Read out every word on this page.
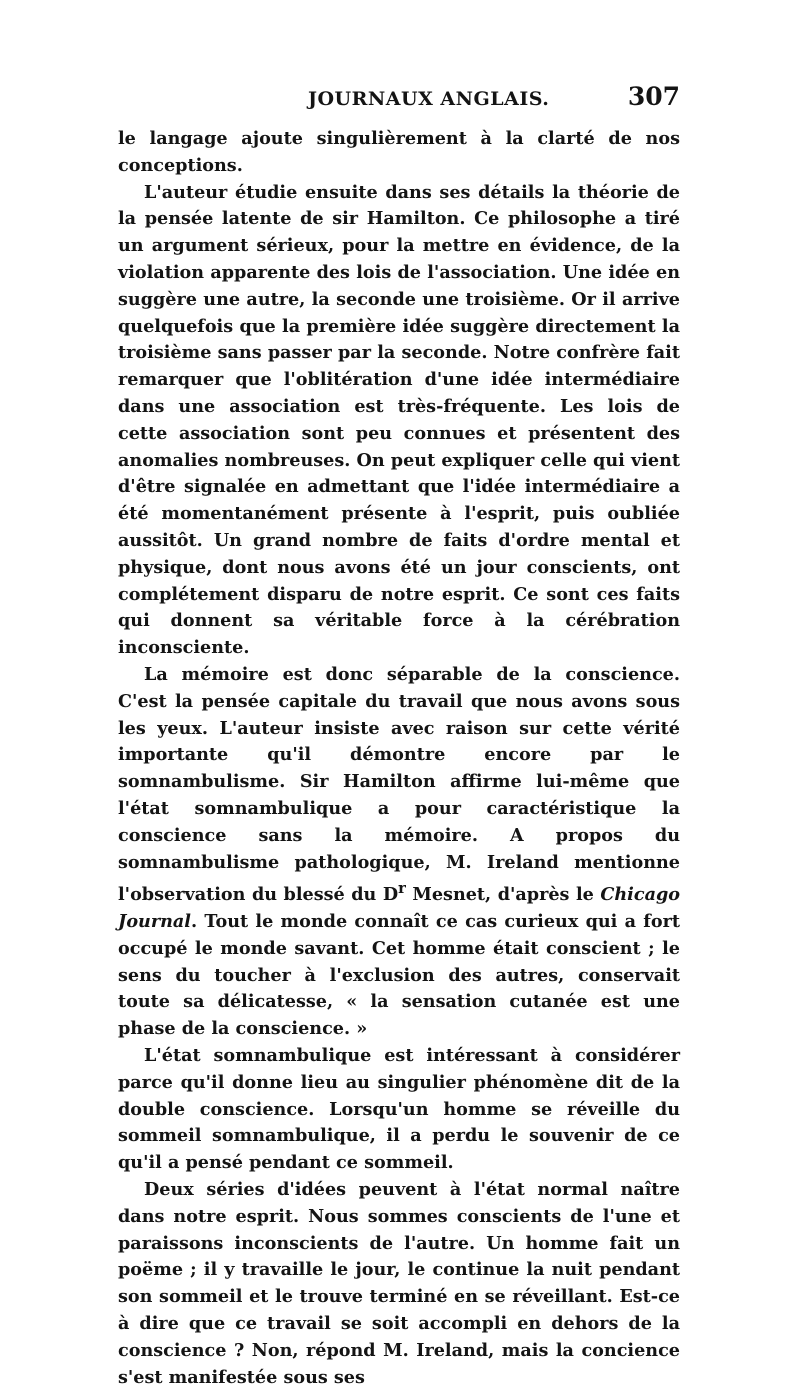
JOURNAUX ANGLAIS.	307

le langage ajoute singulièrement à la clarté de nos conceptions.

L'auteur étudie ensuite dans ses détails la théorie de la pensée latente de sir Hamilton. Ce philosophe a tiré un argument sérieux, pour la mettre en évidence, de la violation apparente des lois de l'association. Une idée en suggère une autre, la seconde une troisième. Or il arrive quelquefois que la première idée suggère directement la troisième sans passer par la seconde. Notre confrère fait remarquer que l'oblitération d'une idée intermédiaire dans une association est très-fréquente. Les lois de cette association sont peu connues et présentent des anomalies nombreuses. On peut expliquer celle qui vient d'être signalée en admettant que l'idée intermédiaire a été momentanément présente à l'esprit, puis oubliée aussitôt. Un grand nombre de faits d'ordre mental et physique, dont nous avons été un jour conscients, ont complétement disparu de notre esprit. Ce sont ces faits qui donnent sa véritable force à la cérébration inconsciente.

La mémoire est donc séparable de la conscience. C'est la pensée capitale du travail que nous avons sous les yeux. L'auteur insiste avec raison sur cette vérité importante qu'il démontre encore par le somnambulisme. Sir Hamilton affirme lui-même que l'état somnambulique a pour caractéristique la conscience sans la mémoire. A propos du somnambulisme pathologique, M. Ireland mentionne l'observation du blessé du $D^r$ Mesnet, d'après le Chicago Journal. Tout le monde connaît ce cas curieux qui a fort occupé le monde savant. Cet homme était conscient ; le sens du toucher à l'exclusion des autres, conservait toute sa délicatesse, « la sensation cutanée est une phase de la conscience. »

L'état somnambulique est intéressant à considérer parce qu'il donne lieu au singulier phénomène dit de la double conscience. Lorsqu'un homme se réveille du sommeil somnambulique, il a perdu le souvenir de ce qu'il a pensé pendant ce sommeil.

Deux séries d'idées peuvent à l'état normal naître dans notre esprit. Nous sommes conscients de l'une et paraissons inconscients de l'autre. Un homme fait un poëme ; il y travaille le jour, le continue la nuit pendant son sommeil et le trouve terminé en se réveillant. Est-ce à dire que ce travail se soit accompli en dehors de la conscience ? Non, répond M. Ireland, mais la concience s'est manifestée sous ses
